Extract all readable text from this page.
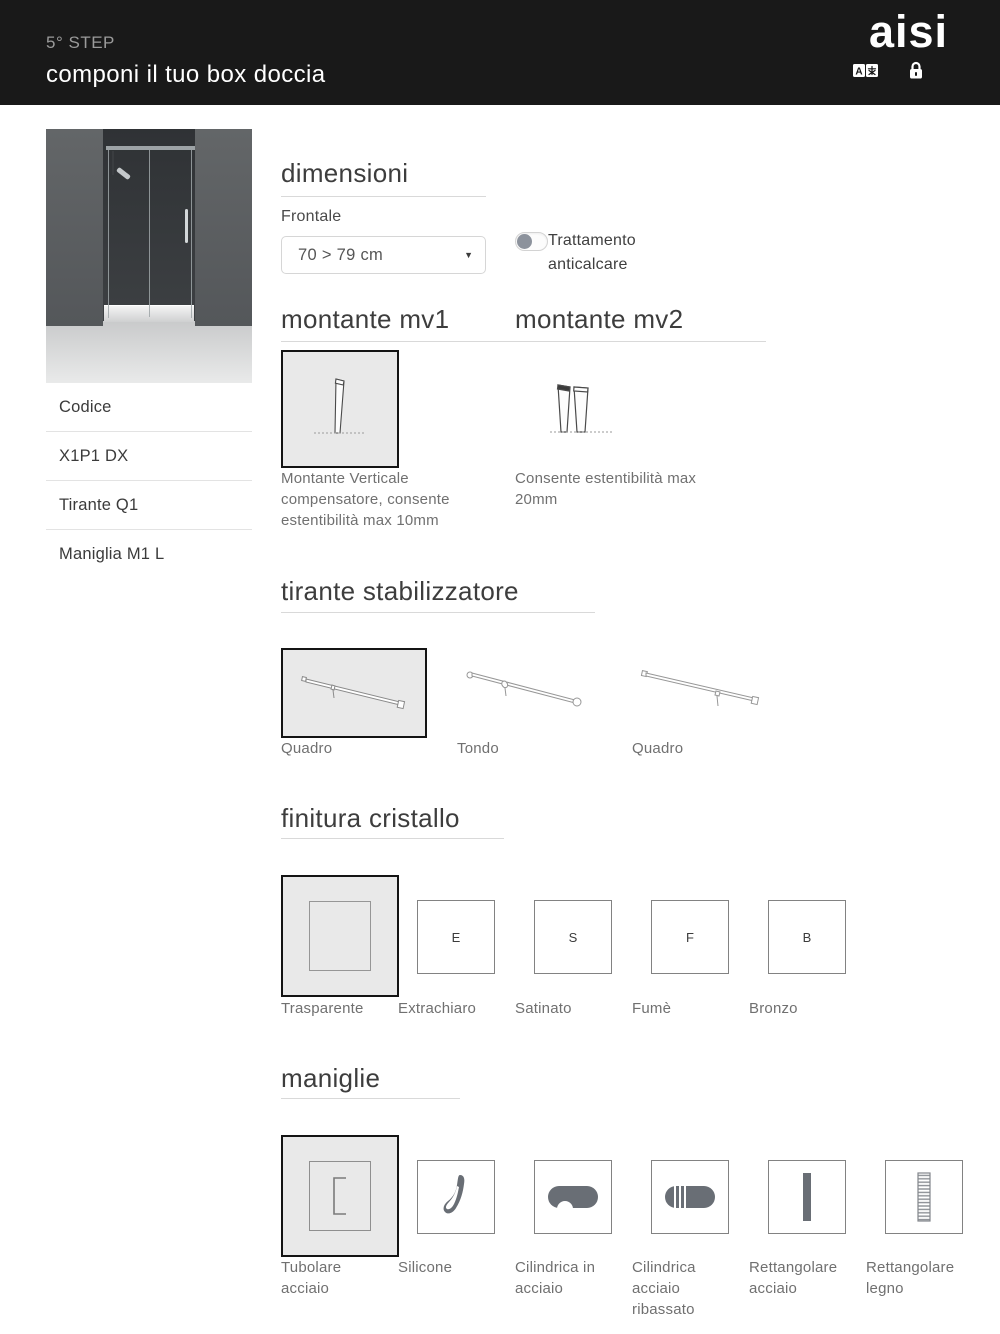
5° STEP
componi il tuo box doccia
aisi
A
Codice
X1P1 DX
Tirante Q1
Maniglia M1 L
dimensioni
Frontale
70 > 79 cm	▼
Trattamento anticalcare
montante mv1	montante mv2
Montante Verticale compensatore, consente estentibilità max 10mm
Consente estentibilità max 20mm
tirante stabilizzatore
Quadro	Tondo	Quadro
finitura cristallo
E	S	F	B
Trasparente Extrachiaro	Satinato	Fumè	Bronzo
maniglie
Tubolare acciaio
Silicone	Cilindrica in acciaio
Cilindrica acciaio ribassato
Rettangolare acciaio
Rettangolare legno
